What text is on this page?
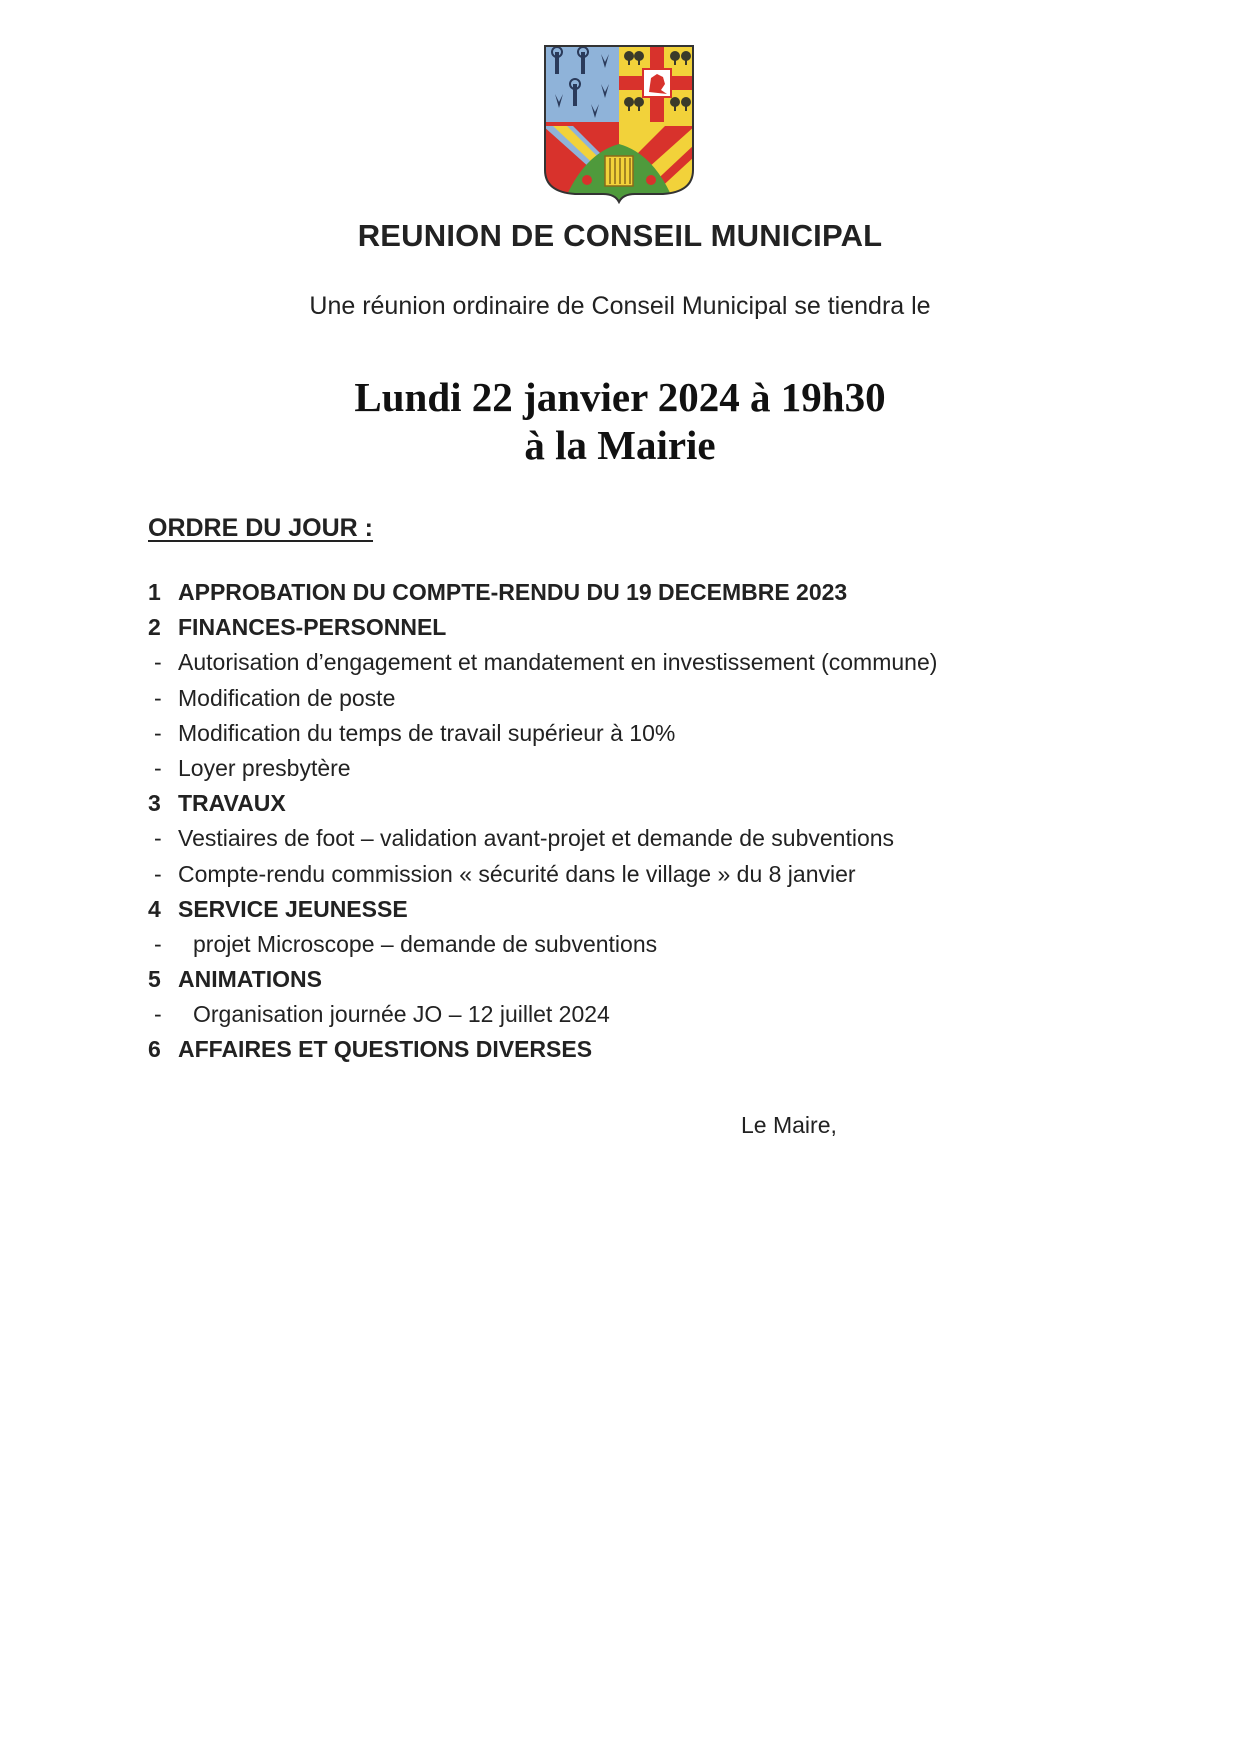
REUNION DE CONSEIL MUNICIPAL
Une réunion ordinaire de Conseil Municipal se tiendra le
Lundi 22 janvier 2024 à 19h30
à la Mairie
ORDRE DU JOUR :
1 APPROBATION DU COMPTE-RENDU DU 19 DECEMBRE 2023
2 FINANCES-PERSONNEL
- Autorisation d’engagement et mandatement en investissement (commune)
- Modification de poste
- Modification du temps de travail supérieur à 10%
- Loyer presbytère
3 TRAVAUX
- Vestiaires de foot – validation avant-projet et demande de subventions
- Compte-rendu commission « sécurité dans le village » du 8 janvier
4 SERVICE JEUNESSE
- projet Microscope – demande de subventions
5 ANIMATIONS
- Organisation journée JO – 12 juillet 2024
6 AFFAIRES ET QUESTIONS DIVERSES
Le Maire,
